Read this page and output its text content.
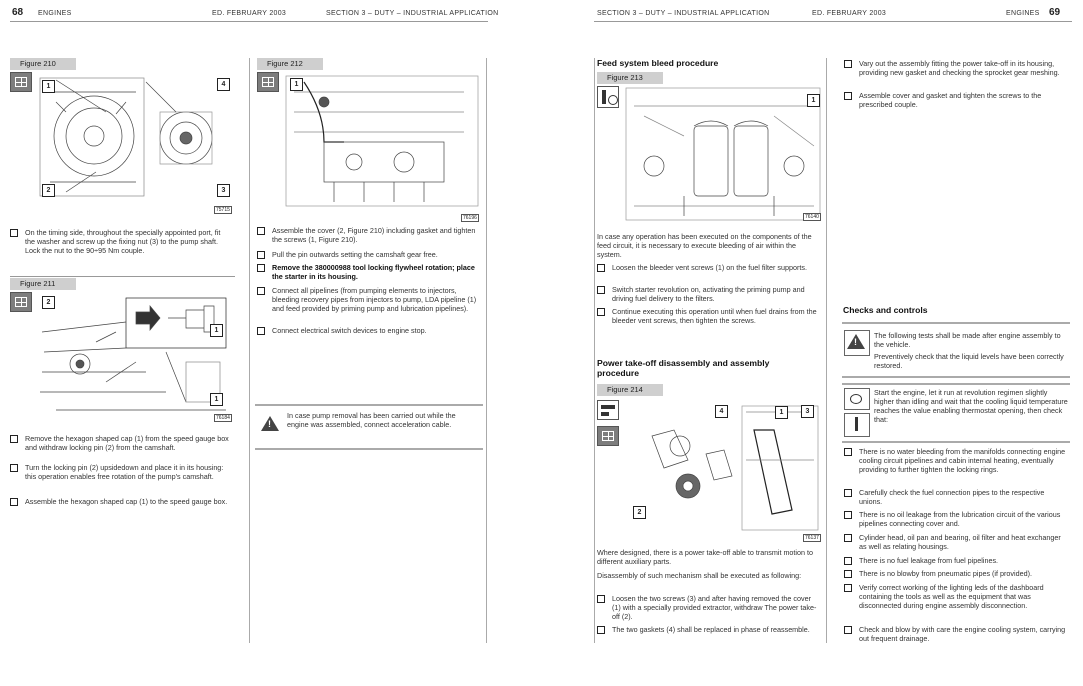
68 ENGINES	ED. FEBRUARY 2003	SECTION 3 – DUTY – INDUSTRIAL APPLICATION	SECTION 3 – DUTY – INDUSTRIAL APPLICATION	ED. FEBRUARY 2003	ENGINES 69
Figure 210
1
2	3
4
75715
On the timing side, throughout the specially appointed port, fit the washer and screw up the fixing nut (3) to the pump shaft. Lock the nut to the 90÷95 Nm couple.
Figure 211
2
1
1
76184
Remove the hexagon shaped cap (1) from the speed gauge box and withdraw locking pin (2) from the camshaft.
Turn the locking pin (2) upsidedown and place it in its housing: this operation enables free rotation of the pump's camshaft.
Assemble the hexagon shaped cap (1) to the speed gauge box.
Figure 212
1
76196
Assemble the cover (2, Figure 210) including gasket and tighten the screws (1, Figure 210).
Pull the pin outwards setting the camshaft gear free.
Remove the 380000988 tool locking flywheel rotation; place the starter in its housing.
Connect all pipelines (from pumping elements to injectors, bleeding recovery pipes from injectors to pump, LDA pipeline (1) and feed provided by priming pump and lubrication pipelines).
Connect electrical switch devices to engine stop.
!
In case pump removal has been carried out while the engine was assembled, connect acceleration cable.
Feed system bleed procedure
Figure 213
1
76140
In case any operation has been executed on the components of the feed circuit, it is necessary to execute bleeding of air within the system.
Loosen the bleeder vent screws (1) on the fuel filter supports.
Switch starter revolution on, activating the priming pump and driving fuel delivery to the filters.
Continue executing this operation until when fuel drains from the bleeder vent screws, then tighten the screws.
Power take-off disassembly and assembly procedure
Figure 214
4	1	3
2
76137
Where designed, there is a power take-off able to transmit motion to different auxiliary parts.
Disassembly of such mechanism shall be executed as following:
Loosen the two screws (3) and after having removed the cover (1) with a specially provided extractor, withdraw The power take-off (2).
The two gaskets (4) shall be replaced in phase of reassemble.
Vary out the assembly fitting the power take-off in its housing, providing new gasket and checking the sprocket gear meshing.
Assemble cover and gasket and tighten the screws to the prescribed couple.
Checks and controls
!
The following tests shall be made after engine assembly to the vehicle.
Preventively check that the liquid levels have been correctly restored.
Start the engine, let it run at revolution regimen slightly higher than idling and wait that the cooling liquid temperature reaches the value enabling thermostat opening, then check that:
There is no water bleeding from the manifolds connecting engine cooling circuit pipelines and cabin internal heating, eventually providing to further tighten the locking rings.
Carefully check the fuel connection pipes to the respective unions.
There is no oil leakage from the lubrication circuit of the various pipelines connecting cover and.
Cylinder head, oil pan and bearing, oil filter and heat exchanger as well as relating housings.
There is no fuel leakage from fuel pipelines.
There is no blowby from pneumatic pipes (if provided).
Verify correct working of the lighting leds of the dashboard containing the tools as well as the equipment that was disconnected during engine assembly disconnection.
Check and blow by with care the engine cooling system, carrying out frequent drainage.
